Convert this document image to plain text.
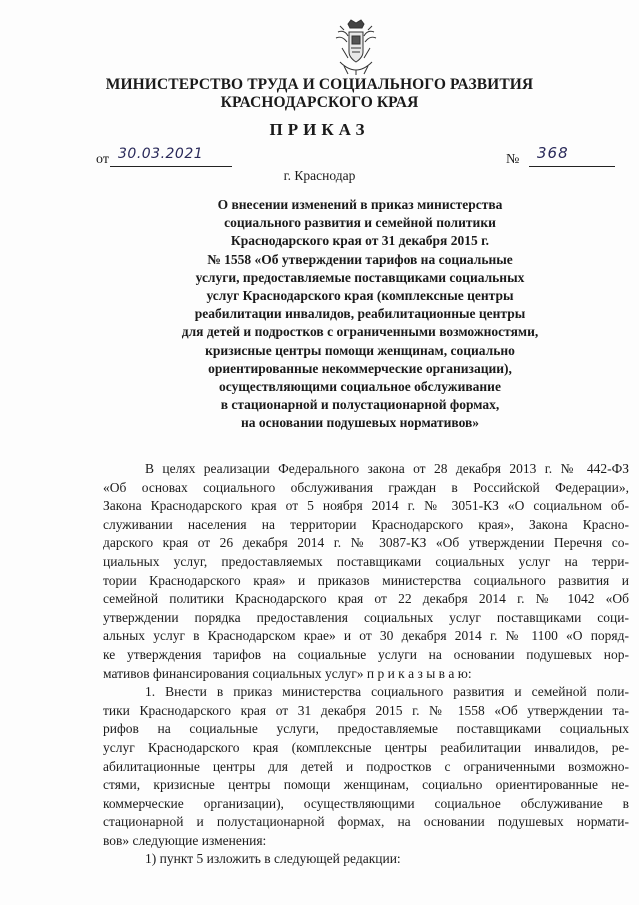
МИНИСТЕРСТВО ТРУДА И СОЦИАЛЬНОГО РАЗВИТИЯ
КРАСНОДАРСКОГО КРАЯ
ПРИКАЗ
от 30.03.2021	№ 368
г. Краснодар
О внесении изменений в приказ министерства
социального развития и семейной политики
Краснодарского края от 31 декабря 2015 г.
№ 1558 «Об утверждении тарифов на социальные
услуги, предоставляемые поставщиками социальных
услуг Краснодарского края (комплексные центры
реабилитации инвалидов, реабилитационные центры
для детей и подростков с ограниченными возможностями,
кризисные центры помощи женщинам, социально
ориентированные некоммерческие организации),
осуществляющими социальное обслуживание
в стационарной и полустационарной формах,
на основании подушевых нормативов»
В целях реализации Федерального закона от 28 декабря 2013 г. № 442-ФЗ
«Об основах социального обслуживания граждан в Российской Федерации»,
Закона Краснодарского края от 5 ноября 2014 г. № 3051-КЗ «О социальном об-
служивании населения на территории Краснодарского края», Закона Красно-
дарского края от 26 декабря 2014 г. № 3087-КЗ «Об утверждении Перечня со-
циальных услуг, предоставляемых поставщиками социальных услуг на терри-
тории Краснодарского края» и приказов министерства социального развития и
семейной политики Краснодарского края от 22 декабря 2014 г. № 1042 «Об
утверждении порядка предоставления социальных услуг поставщиками соци-
альных услуг в Краснодарском крае» и от 30 декабря 2014 г. № 1100 «О поряд-
ке утверждения тарифов на социальные услуги на основании подушевых нор-
мативов финансирования социальных услуг» п р и к а з ы в а ю:
1. Внести в приказ министерства социального развития и семейной поли-
тики Краснодарского края от 31 декабря 2015 г. № 1558 «Об утверждении та-
рифов на социальные услуги, предоставляемые поставщиками социальных
услуг Краснодарского края (комплексные центры реабилитации инвалидов, ре-
абилитационные центры для детей и подростков с ограниченными возможно-
стями, кризисные центры помощи женщинам, социально ориентированные не-
коммерческие организации), осуществляющими социальное обслуживание в
стационарной и полустационарной формах, на основании подушевых нормати-
вов» следующие изменения:
1) пункт 5 изложить в следующей редакции:
